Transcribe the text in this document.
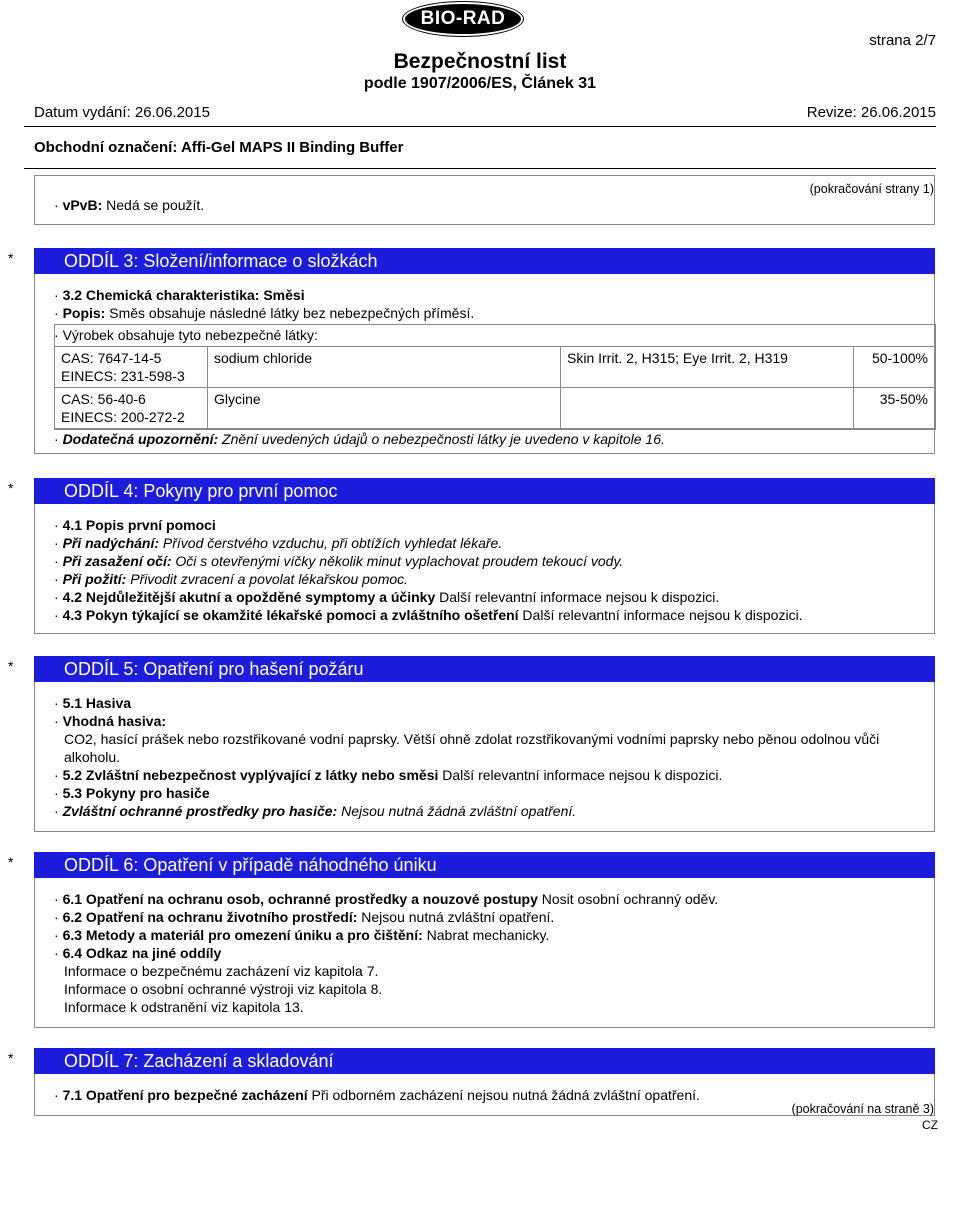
BIO-RAD
strana 2/7
Bezpečnostní list
podle 1907/2006/ES, Článek 31
Datum vydání: 26.06.2015	Revize: 26.06.2015
Obchodní označení: Affi-Gel MAPS II Binding Buffer
(pokračování strany 1)
· vPvB: Nedá se použít.
*	ODDÍL 3: Složení/informace o složkách
· 3.2 Chemická charakteristika: Směsi
· Popis: Směs obsahuje následné látky bez nebezpečných příměsí.
· Výrobek obsahuje tyto nebezpečné látky:
CAS: 7647-14-5
EINECS: 231-598-3	sodium chloride	Skin Irrit. 2, H315; Eye Irrit. 2, H319	50-100%

CAS: 56-40-6
EINECS: 200-272-2	Glycine		35-50%
· Dodatečná upozornění: Znění uvedených údajů o nebezpečnosti látky je uvedeno v kapitole 16.
*	ODDÍL 4: Pokyny pro první pomoc
· 4.1 Popis první pomoci
· Při nadýchání: Přívod čerstvého vzduchu, při obtížích vyhledat lékaře.
· Při zasažení očí: Oči s otevřenými víčky několik minut vyplachovat proudem tekoucí vody.
· Při požití: Přivodit zvracení a povolat lékařskou pomoc.
· 4.2 Nejdůležitější akutní a opožděné symptomy a účinky Další relevantní informace nejsou k dispozici.
· 4.3 Pokyn týkající se okamžité lékařské pomoci a zvláštního ošetření Další relevantní informace nejsou k dispozici.
*	ODDÍL 5: Opatření pro hašení požáru
· 5.1 Hasiva
· Vhodná hasiva:
CO2, hasící prášek nebo rozstřikované vodní paprsky. Větší ohně zdolat rozstřikovanými vodními paprsky nebo pěnou odolnou vůči alkoholu.
· 5.2 Zvláštní nebezpečnost vyplývající z látky nebo směsi Další relevantní informace nejsou k dispozici.
· 5.3 Pokyny pro hasiče
· Zvláštní ochranné prostředky pro hasiče: Nejsou nutná žádná zvláštní opatření.
*	ODDÍL 6: Opatření v případě náhodného úniku
· 6.1 Opatření na ochranu osob, ochranné prostředky a nouzové postupy Nosit osobní ochranný oděv.
· 6.2 Opatření na ochranu životního prostředí: Nejsou nutná zvláštní opatření.
· 6.3 Metody a materiál pro omezení úniku a pro čištění: Nabrat mechanicky.
· 6.4 Odkaz na jiné oddíly
Informace o bezpečnému zacházení viz kapitola 7.
Informace o osobní ochranné výstroji viz kapitola 8.
Informace k odstranění viz kapitola 13.
*	ODDÍL 7: Zacházení a skladování
· 7.1 Opatření pro bezpečné zacházení Při odborném zacházení nejsou nutná žádná zvláštní opatření.
(pokračování na straně 3)
CZ
